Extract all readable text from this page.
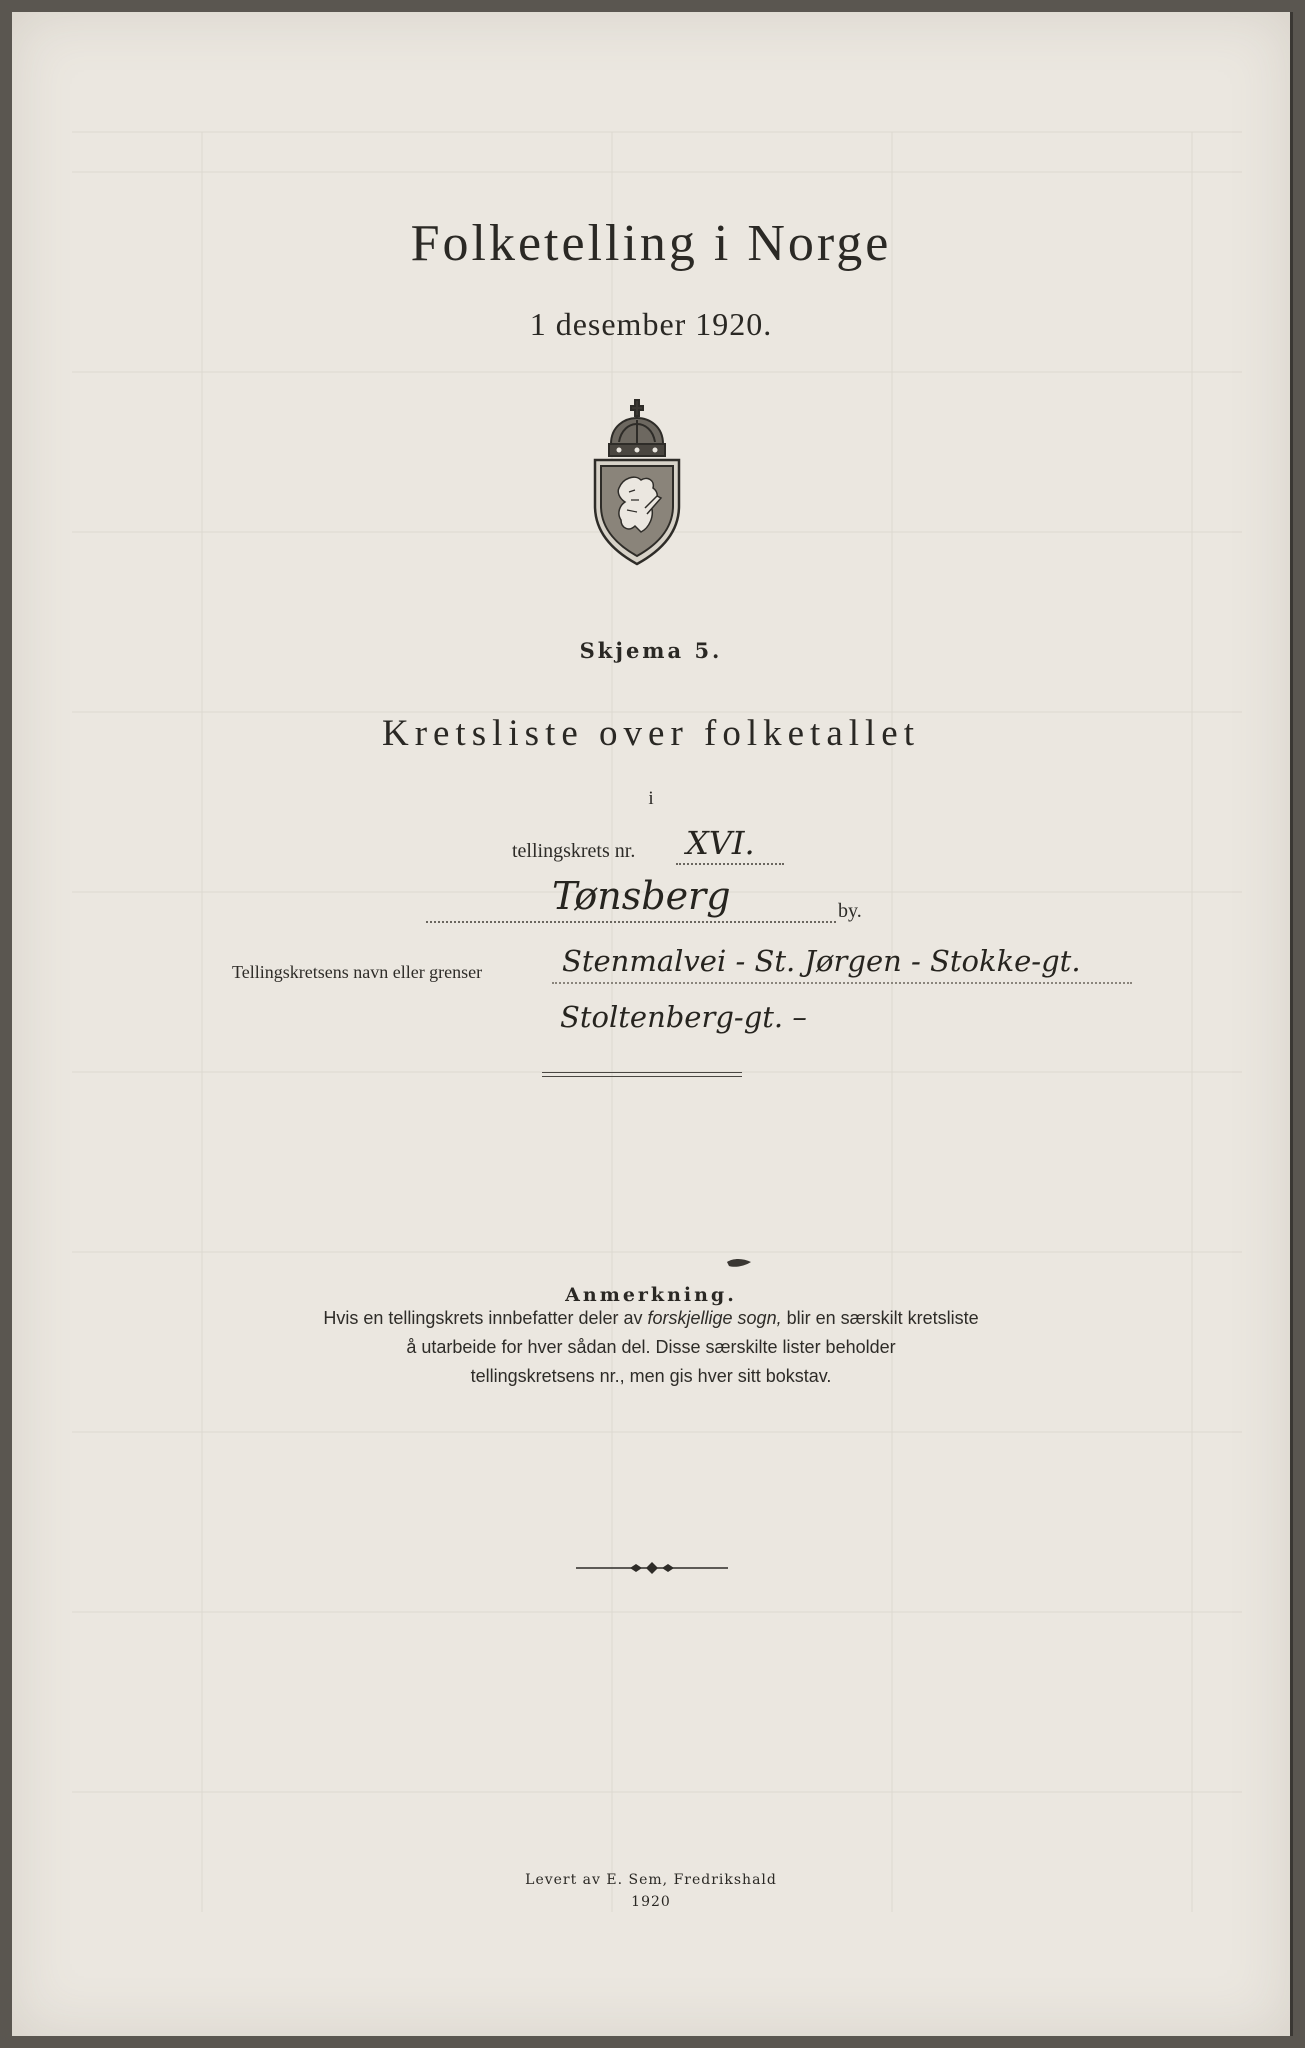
Folketelling i Norge
1 desember 1920.
Skjema 5.
Kretsliste over folketallet
i
tellingskrets nr. XVI.
Tønsberg	by.
Tellingskretsens navn eller grenser	Stenmalvei - St. Jørgen - Stokke-gt.
Stoltenberg-gt. –
Anmerkning.
Hvis en tellingskrets innbefatter deler av forskjellige sogn, blir en særskilt kretsliste
å utarbeide for hver sådan del. Disse særskilte lister beholder
tellingskretsens nr., men gis hver sitt bokstav.
Levert av E. Sem, Fredrikshald
1920
